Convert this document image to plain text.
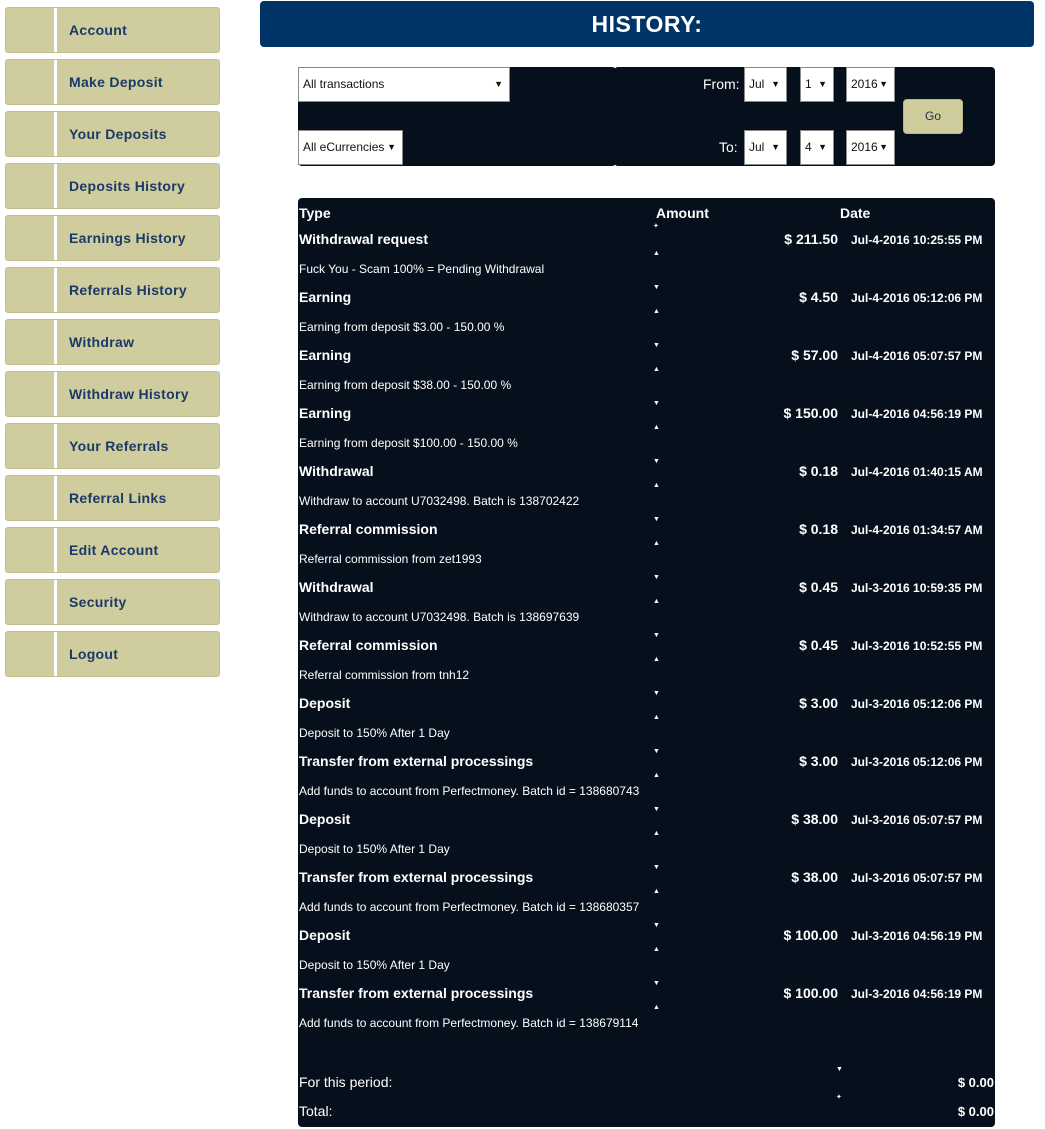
Account
Make Deposit
Your Deposits
Deposits History
Earnings History
Referrals History
Withdraw
Withdraw History
Your Referrals
Referral Links
Edit Account
Security
Logout
HISTORY:
All transactions	▼
All eCurrencies ▼
From: Jul ▼	1 ▼	2016 ▼
To: Jul ▼	4 ▼	2016 ▼
Go
Type	Amount	Date
Withdrawal request	$ 211.50 Jul-4-2016 10:25:55 PM
Fuck You - Scam 100% = Pending Withdrawal
Earning	$ 4.50 Jul-4-2016 05:12:06 PM
Earning from deposit $3.00 - 150.00 %
Earning	$ 57.00 Jul-4-2016 05:07:57 PM
Earning from deposit $38.00 - 150.00 %
Earning	$ 150.00 Jul-4-2016 04:56:19 PM
Earning from deposit $100.00 - 150.00 %
Withdrawal	$ 0.18 Jul-4-2016 01:40:15 AM
Withdraw to account U7032498. Batch is 138702422
Referral commission	$ 0.18 Jul-4-2016 01:34:57 AM
Referral commission from zet1993
Withdrawal	$ 0.45 Jul-3-2016 10:59:35 PM
Withdraw to account U7032498. Batch is 138697639
Referral commission	$ 0.45 Jul-3-2016 10:52:55 PM
Referral commission from tnh12
Deposit	$ 3.00 Jul-3-2016 05:12:06 PM
Deposit to 150% After 1 Day
Transfer from external processings	$ 3.00 Jul-3-2016 05:12:06 PM
Add funds to account from Perfectmoney. Batch id = 138680743
Deposit	$ 38.00 Jul-3-2016 05:07:57 PM
Deposit to 150% After 1 Day
Transfer from external processings	$ 38.00 Jul-3-2016 05:07:57 PM
Add funds to account from Perfectmoney. Batch id = 138680357
Deposit	$ 100.00 Jul-3-2016 04:56:19 PM
Deposit to 150% After 1 Day
Transfer from external processings	$ 100.00 Jul-3-2016 04:56:19 PM
Add funds to account from Perfectmoney. Batch id = 138679114
✦
▲
▼
▲
▼
▲
▼
▲
▼
▲
▼
▲
▼
▲
▼
▲
▼
▲
▼
▲
▼
▲
▼
▲
▼
▲
▼
▲
▼
✦
For this period:	$ 0.00
Total:	$ 0.00
